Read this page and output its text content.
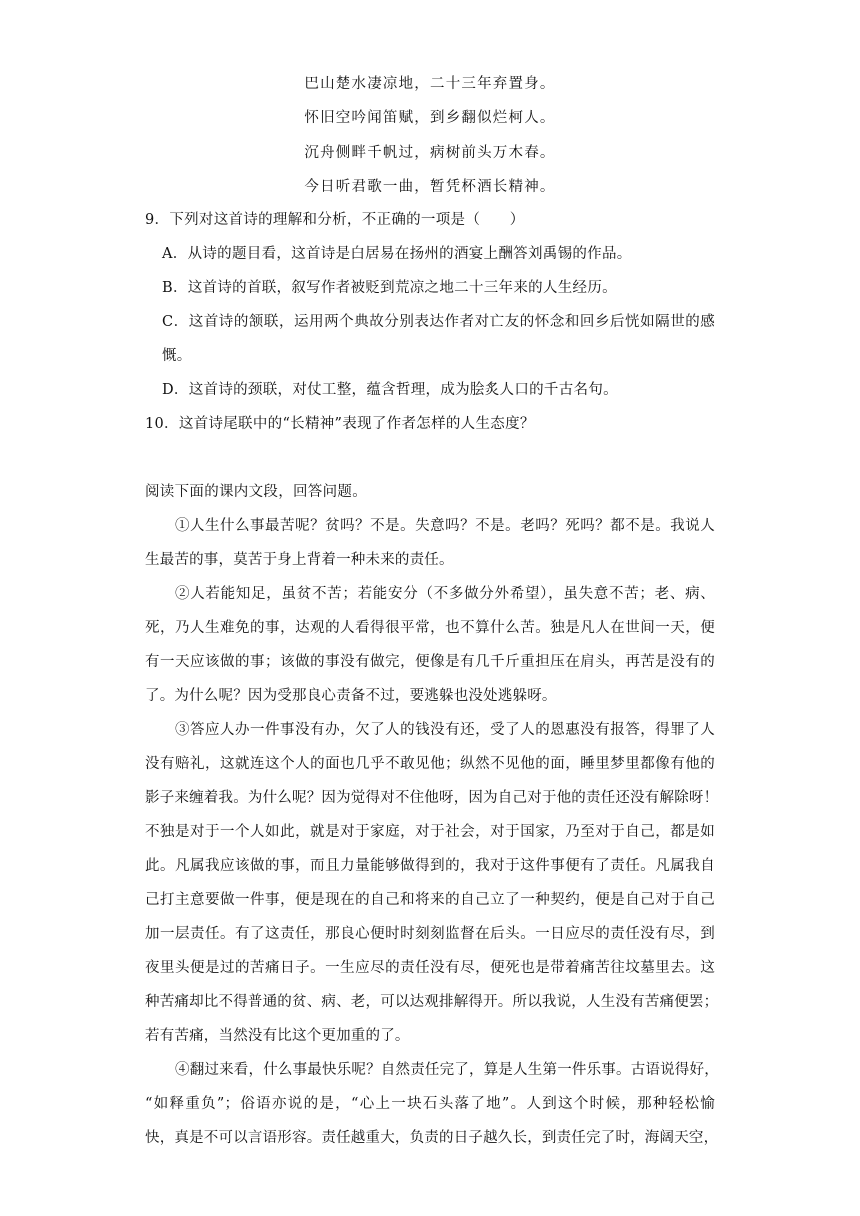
巴山楚水凄凉地，二十三年弃置身。
怀旧空吟闻笛赋，到乡翻似烂柯人。
沉舟侧畔千帆过，病树前头万木春。
今日听君歌一曲，暂凭杯酒长精神。
9．下列对这首诗的理解和分析，不正确的一项是（　　）
A．从诗的题目看，这首诗是白居易在扬州的酒宴上酬答刘禹锡的作品。
B．这首诗的首联，叙写作者被贬到荒凉之地二十三年来的人生经历。
C．这首诗的颔联，运用两个典故分别表达作者对亡友的怀念和回乡后恍如隔世的感
慨。
D．这首诗的颈联，对仗工整，蕴含哲理，成为脍炙人口的千古名句。
10．这首诗尾联中的“长精神”表现了作者怎样的人生态度？
阅读下面的课内文段，回答问题。
①人生什么事最苦呢？贫吗？不是。失意吗？不是。老吗？死吗？都不是。我说人
生最苦的事，莫苦于身上背着一种未来的责任。
②人若能知足，虽贫不苦；若能安分（不多做分外希望），虽失意不苦；老、病、
死，乃人生难免的事，达观的人看得很平常，也不算什么苦。独是凡人在世间一天，便
有一天应该做的事；该做的事没有做完，便像是有几千斤重担压在肩头，再苦是没有的
了。为什么呢？因为受那良心责备不过，要逃躲也没处逃躲呀。
③答应人办一件事没有办，欠了人的钱没有还，受了人的恩惠没有报答，得罪了人
没有赔礼，这就连这个人的面也几乎不敢见他；纵然不见他的面，睡里梦里都像有他的
影子来缠着我。为什么呢？因为觉得对不住他呀，因为自己对于他的责任还没有解除呀！
不独是对于一个人如此，就是对于家庭，对于社会，对于国家，乃至对于自己，都是如
此。凡属我应该做的事，而且力量能够做得到的，我对于这件事便有了责任。凡属我自
己打主意要做一件事，便是现在的自己和将来的自己立了一种契约，便是自己对于自己
加一层责任。有了这责任，那良心便时时刻刻监督在后头。一日应尽的责任没有尽，到
夜里头便是过的苦痛日子。一生应尽的责任没有尽，便死也是带着痛苦往坟墓里去。这
种苦痛却比不得普通的贫、病、老，可以达观排解得开。所以我说，人生没有苦痛便罢；
若有苦痛，当然没有比这个更加重的了。
④翻过来看，什么事最快乐呢？自然责任完了，算是人生第一件乐事。古语说得好，
“如释重负”；俗语亦说的是，“心上一块石头落了地”。人到这个时候，那种轻松愉
快，真是不可以言语形容。责任越重大，负责的日子越久长，到责任完了时，海阔天空，
